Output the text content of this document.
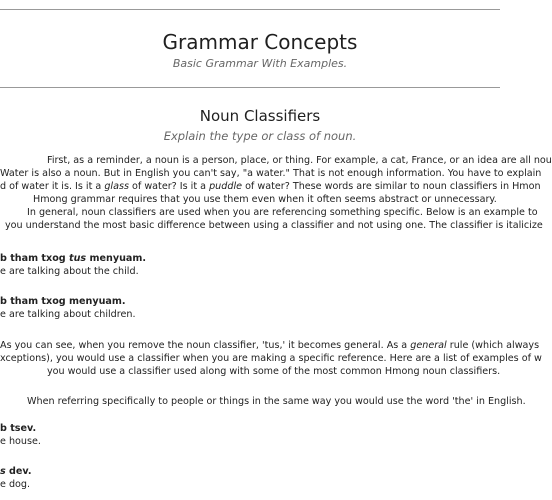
Grammar Concepts
Basic Grammar With Examples.
Noun Classifiers
Explain the type or class of noun.
First, as a reminder, a noun is a person, place, or thing. For example, a cat, France, or an idea are all nou
Water is also a noun. But in English you can't say, "a water." That is not enough information. You have to explain
d of water it is. Is it a glass of water? Is it a puddle of water? These words are similar to noun classifiers in Hmon
Hmong grammar requires that you use them even when it often seems abstract or unnecessary.
In general, noun classifiers are used when you are referencing something specific. Below is an example to
you understand the most basic difference between using a classifier and not using one. The classifier is italicize
b tham txog tus menyuam.
e are talking about the child.
b tham txog menyuam.
e are talking about children.
As you can see, when you remove the noun classifier, 'tus,' it becomes general. As a general rule (which always
xceptions), you would use a classifier when you are making a specific reference. Here are a list of examples of w
you would use a classifier used along with some of the most common Hmong noun classifiers.
When referring specifically to people or things in the same way you would use the word 'the' in English.
b tsev.
e house.
s dev.
e dog.
